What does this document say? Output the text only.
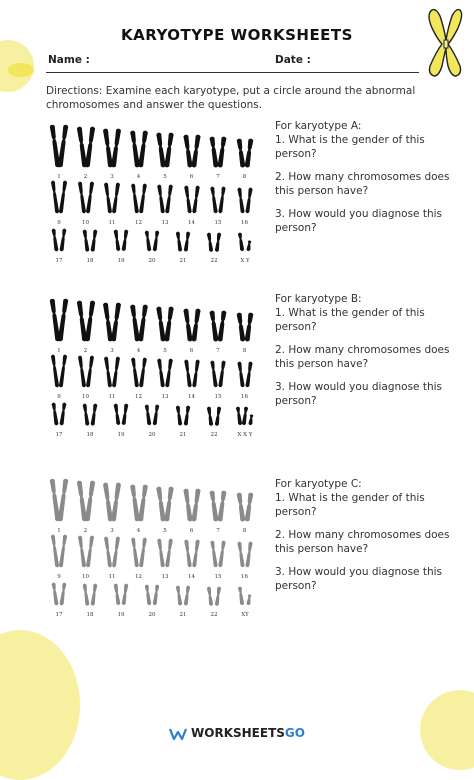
KARYOTYPE WORKSHEETS
Name :	Date :
Directions: Examine each karyotype, put a circle around the abnormal chromosomes and answer the questions.
1	2	3	4	5	6	7	8
9	10	11	12	13	14	15	16
17	18	19	20	21	22	X Y
For karyotype A:
1. What is the gender of this person?
2. How many chromosomes does this person have?
3. How would you diagnose this person?
1	2	3	4	5	6	7	8
9	10	11	12	13	14	15	16
17	18	19	20	21	22	X X Y
For karyotype B:
1. What is the gender of this person?
2. How many chromosomes does this person have?
3. How would you diagnose this person?
1	2	3	4	5	6	7	8
9	10	11	12	13	14	15	16
17	18	19	20	21	22	XY
For karyotype C:
1. What is the gender of this person?
2. How many chromosomes does this person have?
3. How would you diagnose this person?
WORKSHEETSGO
